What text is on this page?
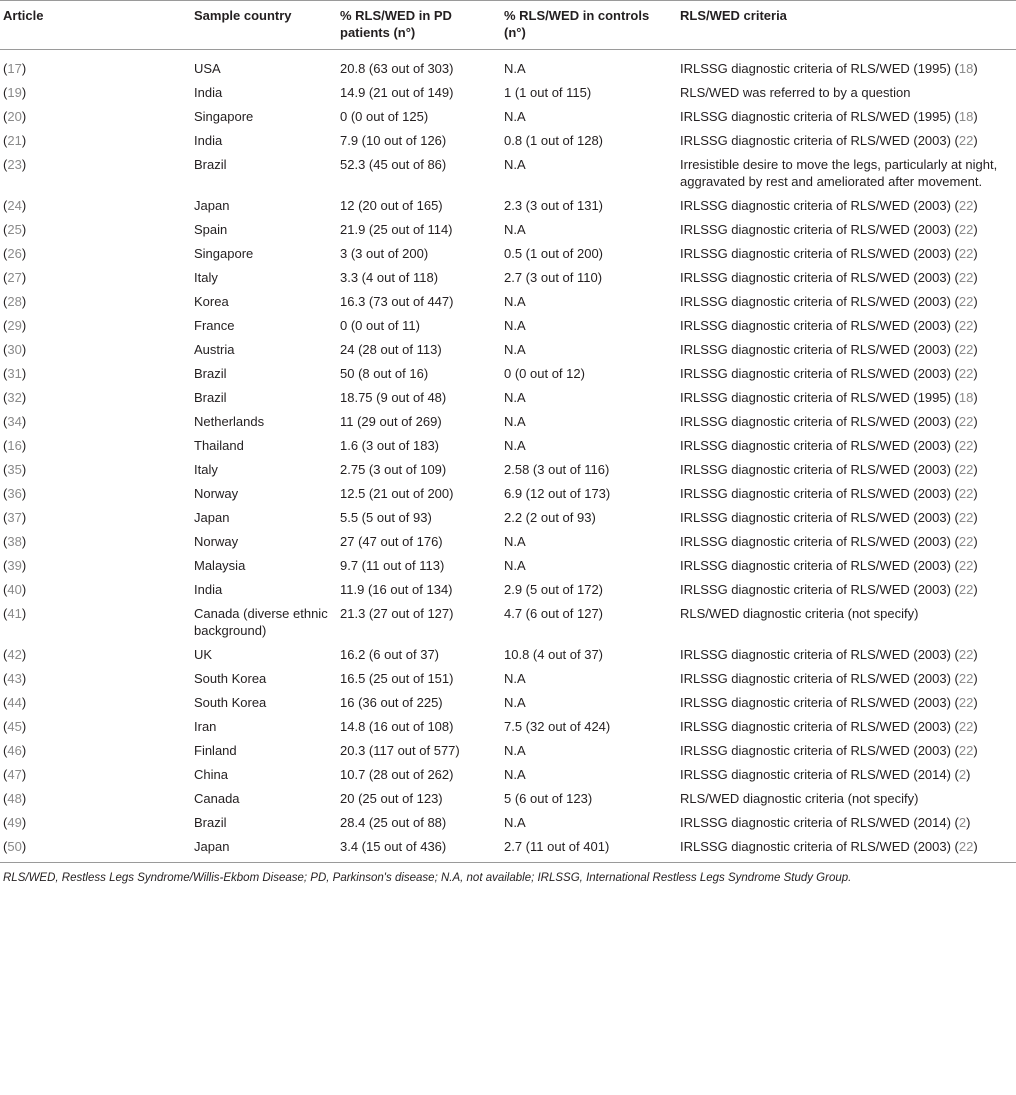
Article	Sample country	% RLS/WED in PD patients (n°)	% RLS/WED in controls (n°)	RLS/WED criteria
(17)	USA	20.8 (63 out of 303)	N.A	IRLSSG diagnostic criteria of RLS/WED (1995) (18)
(19)	India	14.9 (21 out of 149)	1 (1 out of 115)	RLS/WED was referred to by a question
(20)	Singapore	0 (0 out of 125)	N.A	IRLSSG diagnostic criteria of RLS/WED (1995) (18)
(21)	India	7.9 (10 out of 126)	0.8 (1 out of 128)	IRLSSG diagnostic criteria of RLS/WED (2003) (22)
(23)	Brazil	52.3 (45 out of 86)	N.A	Irresistible desire to move the legs, particularly at night, aggravated by rest and ameliorated after movement.
(24)	Japan	12 (20 out of 165)	2.3 (3 out of 131)	IRLSSG diagnostic criteria of RLS/WED (2003) (22)
(25)	Spain	21.9 (25 out of 114)	N.A	IRLSSG diagnostic criteria of RLS/WED (2003) (22)
(26)	Singapore	3 (3 out of 200)	0.5 (1 out of 200)	IRLSSG diagnostic criteria of RLS/WED (2003) (22)
(27)	Italy	3.3 (4 out of 118)	2.7 (3 out of 110)	IRLSSG diagnostic criteria of RLS/WED (2003) (22)
(28)	Korea	16.3 (73 out of 447)	N.A	IRLSSG diagnostic criteria of RLS/WED (2003) (22)
(29)	France	0 (0 out of 11)	N.A	IRLSSG diagnostic criteria of RLS/WED (2003) (22)
(30)	Austria	24 (28 out of 113)	N.A	IRLSSG diagnostic criteria of RLS/WED (2003) (22)
(31)	Brazil	50 (8 out of 16)	0 (0 out of 12)	IRLSSG diagnostic criteria of RLS/WED (2003) (22)
(32)	Brazil	18.75 (9 out of 48)	N.A	IRLSSG diagnostic criteria of RLS/WED (1995) (18)
(34)	Netherlands	11 (29 out of 269)	N.A	IRLSSG diagnostic criteria of RLS/WED (2003) (22)
(16)	Thailand	1.6 (3 out of 183)	N.A	IRLSSG diagnostic criteria of RLS/WED (2003) (22)
(35)	Italy	2.75 (3 out of 109)	2.58 (3 out of 116)	IRLSSG diagnostic criteria of RLS/WED (2003) (22)
(36)	Norway	12.5 (21 out of 200)	6.9 (12 out of 173)	IRLSSG diagnostic criteria of RLS/WED (2003) (22)
(37)	Japan	5.5 (5 out of 93)	2.2 (2 out of 93)	IRLSSG diagnostic criteria of RLS/WED (2003) (22)
(38)	Norway	27 (47 out of 176)	N.A	IRLSSG diagnostic criteria of RLS/WED (2003) (22)
(39)	Malaysia	9.7 (11 out of 113)	N.A	IRLSSG diagnostic criteria of RLS/WED (2003) (22)
(40)	India	11.9 (16 out of 134)	2.9 (5 out of 172)	IRLSSG diagnostic criteria of RLS/WED (2003) (22)
(41)	Canada (diverse ethnic background)	21.3 (27 out of 127)	4.7 (6 out of 127)	RLS/WED diagnostic criteria (not specify)
(42)	UK	16.2 (6 out of 37)	10.8 (4 out of 37)	IRLSSG diagnostic criteria of RLS/WED (2003) (22)
(43)	South Korea	16.5 (25 out of 151)	N.A	IRLSSG diagnostic criteria of RLS/WED (2003) (22)
(44)	South Korea	16 (36 out of 225)	N.A	IRLSSG diagnostic criteria of RLS/WED (2003) (22)
(45)	Iran	14.8 (16 out of 108)	7.5 (32 out of 424)	IRLSSG diagnostic criteria of RLS/WED (2003) (22)
(46)	Finland	20.3 (117 out of 577)	N.A	IRLSSG diagnostic criteria of RLS/WED (2003) (22)
(47)	China	10.7 (28 out of 262)	N.A	IRLSSG diagnostic criteria of RLS/WED (2014) (2)
(48)	Canada	20 (25 out of 123)	5 (6 out of 123)	RLS/WED diagnostic criteria (not specify)
(49)	Brazil	28.4 (25 out of 88)	N.A	IRLSSG diagnostic criteria of RLS/WED (2014) (2)
(50)	Japan	3.4 (15 out of 436)	2.7 (11 out of 401)	IRLSSG diagnostic criteria of RLS/WED (2003) (22)
RLS/WED, Restless Legs Syndrome/Willis-Ekbom Disease; PD, Parkinson's disease; N.A, not available; IRLSSG, International Restless Legs Syndrome Study Group.
